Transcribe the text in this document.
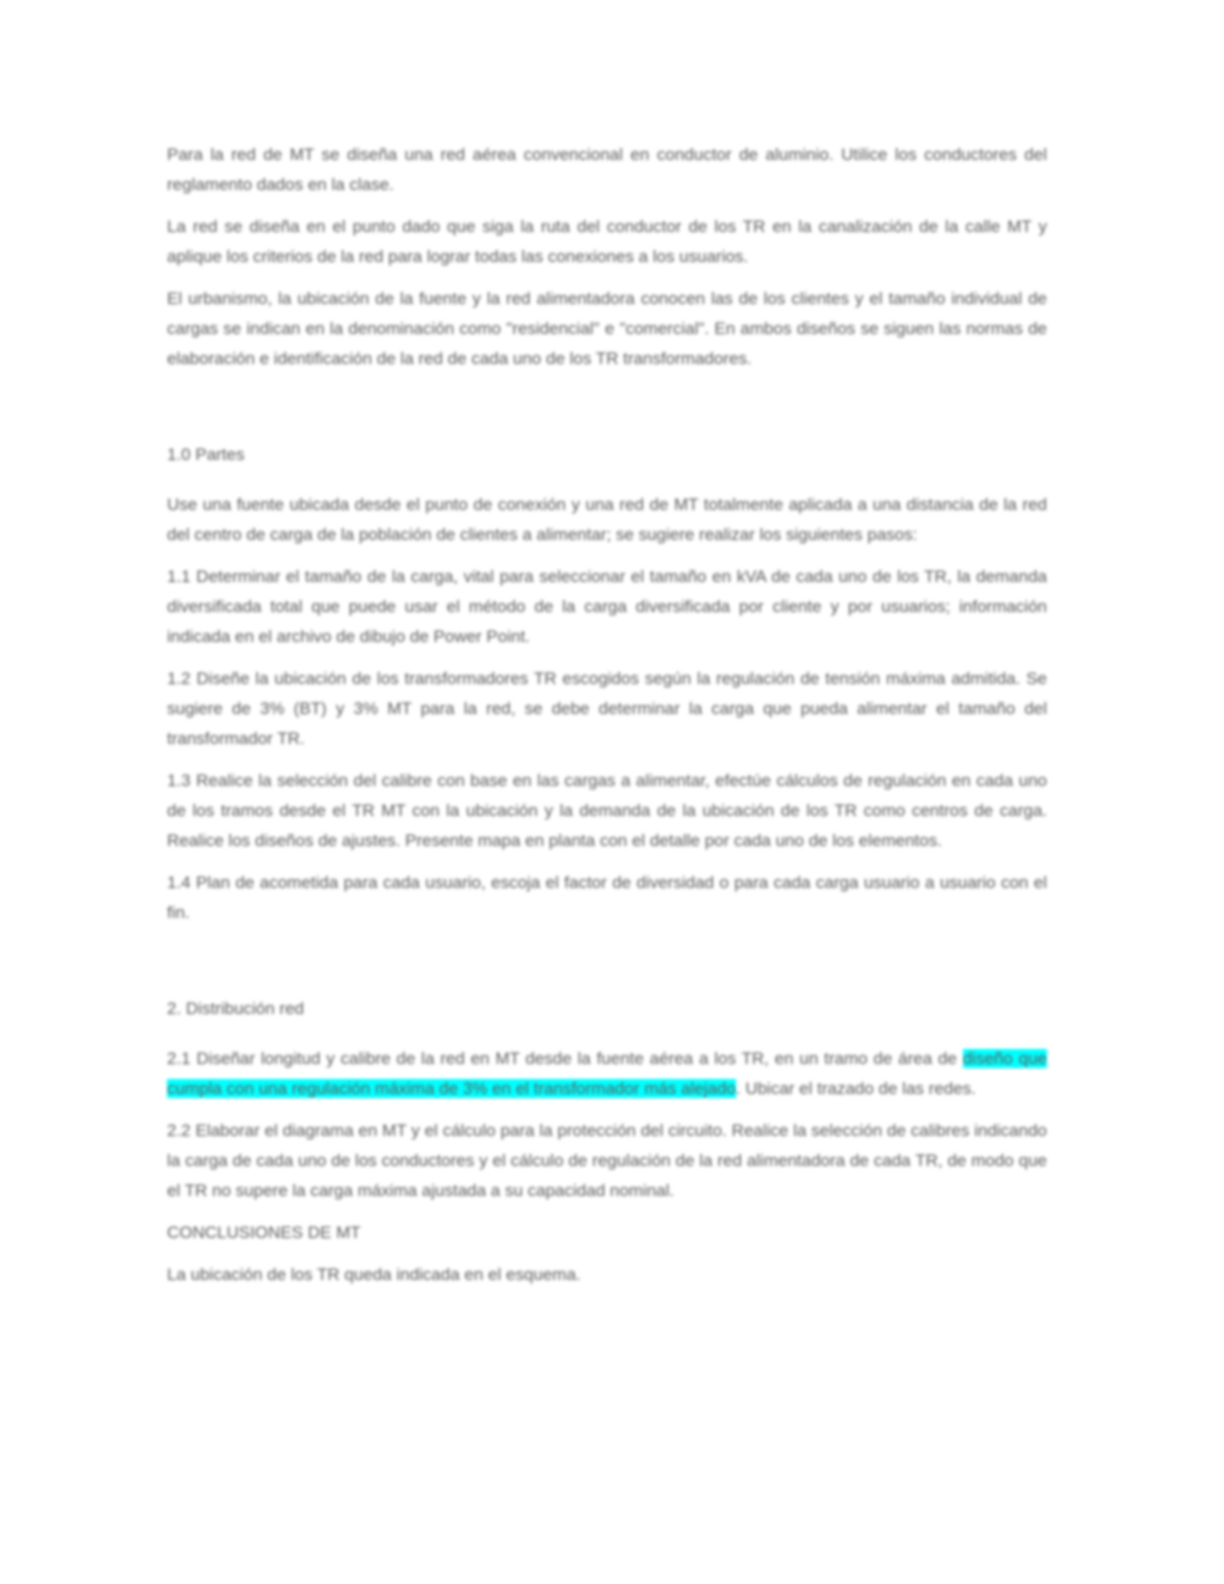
Para la red de MT se diseña una red aérea convencional en conductor de aluminio. Utilice los conductores del reglamento dados en la clase.

La red se diseña en el punto dado que siga la ruta del conductor de los TR en la canalización de la calle MT y aplique los criterios de la red para lograr todas las conexiones a los usuarios.

El urbanismo, la ubicación de la fuente y la red alimentadora conocen las de los clientes y el tamaño individual de cargas se indican en la denominación como "residencial" e "comercial". En ambos diseños se siguen las normas de elaboración e identificación de la red de cada uno de los TR transformadores.

1.0 Partes

Use una fuente ubicada desde el punto de conexión y una red de MT totalmente aplicada a una distancia de la red del centro de carga de la población de clientes a alimentar; se sugiere realizar los siguientes pasos:

1.1 Determinar el tamaño de la carga, vital para seleccionar el tamaño en kVA de cada uno de los TR, la demanda diversificada total que puede usar el método de la carga diversificada por cliente y por usuarios; información indicada en el archivo de dibujo de Power Point.

1.2 Diseñe la ubicación de los transformadores TR escogidos según la regulación de tensión máxima admitida. Se sugiere de 3% (BT) y 3% MT para la red, se debe determinar la carga que pueda alimentar el tamaño del transformador TR.

1.3 Realice la selección del calibre con base en las cargas a alimentar, efectúe cálculos de regulación en cada uno de los tramos desde el TR MT con la ubicación y la demanda de la ubicación de los TR como centros de carga. Realice los diseños de ajustes. Presente mapa en planta con el detalle por cada uno de los elementos.

1.4 Plan de acometida para cada usuario, escoja el factor de diversidad o para cada carga usuario a usuario con el fin.

2. Distribución red

2.1 Diseñar longitud y calibre de la red en MT desde la fuente aérea a los TR, en un tramo de área de diseño que cumpla con una regulación máxima de 3% en el transformador más alejado. Ubicar el trazado de las redes.

2.2 Elaborar el diagrama en MT y el cálculo para la protección del circuito. Realice la selección de calibres indicando la carga de cada uno de los conductores y el cálculo de regulación de la red alimentadora de cada TR, de modo que el TR no supere la carga máxima ajustada a su capacidad nominal.

CONCLUSIONES DE MT

La ubicación de los TR queda indicada en el esquema.
